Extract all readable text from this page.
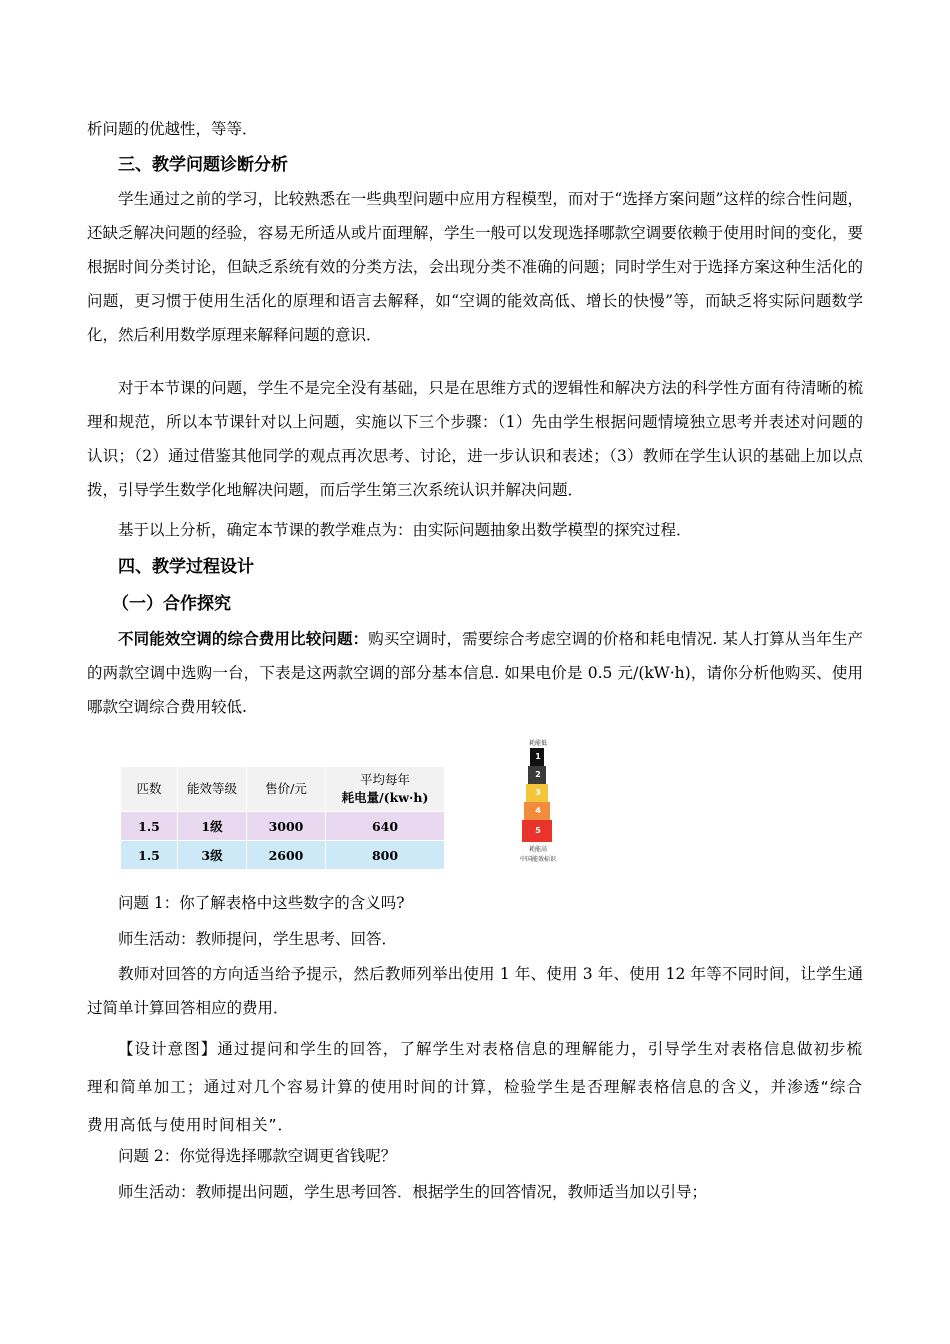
析问题的优越性，等等．
三、教学问题诊断分析
学生通过之前的学习，比较熟悉在一些典型问题中应用方程模型，而对于“选择方案问题”这样的综合性问题，还缺乏解决问题的经验，容易无所适从或片面理解，学生一般可以发现选择哪款空调要依赖于使用时间的变化，要根据时间分类讨论，但缺乏系统有效的分类方法，会出现分类不准确的问题；同时学生对于选择方案这种生活化的问题，更习惯于使用生活化的原理和语言去解释，如“空调的能效高低、增长的快慢”等，而缺乏将实际问题数学化，然后利用数学原理来解释问题的意识．
对于本节课的问题，学生不是完全没有基础，只是在思维方式的逻辑性和解决方法的科学性方面有待清晰的梳理和规范，所以本节课针对以上问题，实施以下三个步骤：（1）先由学生根据问题情境独立思考并表述对问题的认识；（2）通过借鉴其他同学的观点再次思考、讨论，进一步认识和表述；（3）教师在学生认识的基础上加以点拨，引导学生数学化地解决问题，而后学生第三次系统认识并解决问题．
基于以上分析，确定本节课的教学难点为：由实际问题抽象出数学模型的探究过程．
四、教学过程设计
（一）合作探究
不同能效空调的综合费用比较问题：购买空调时，需要综合考虑空调的价格和耗电情况. 某人打算从当年生产的两款空调中选购一台，下表是这两款空调的部分基本信息. 如果电价是 0.5 元/(kW·h)，请你分析他购买、使用哪款空调综合费用较低.
匹数	能效等级	售价/元	平均每年
耗电量/(kw·h)
1.5	1级	3000	640
1.5	3级	2600	800
耗能低
1
2
3
4
5
耗能高
中国能效标识
问题 1：你了解表格中这些数字的含义吗?
师生活动：教师提问，学生思考、回答．
教师对回答的方向适当给予提示，然后教师列举出使用 1 年、使用 3 年、使用 12 年等不同时间，让学生通过简单计算回答相应的费用．
【设计意图】通过提问和学生的回答，了解学生对表格信息的理解能力，引导学生对表格信息做初步梳理和简单加工；通过对几个容易计算的使用时间的计算，检验学生是否理解表格信息的含义，并渗透“综合费用高低与使用时间相关”．
问题 2：你觉得选择哪款空调更省钱呢？
师生活动：教师提出问题，学生思考回答．根据学生的回答情况，教师适当加以引导；
